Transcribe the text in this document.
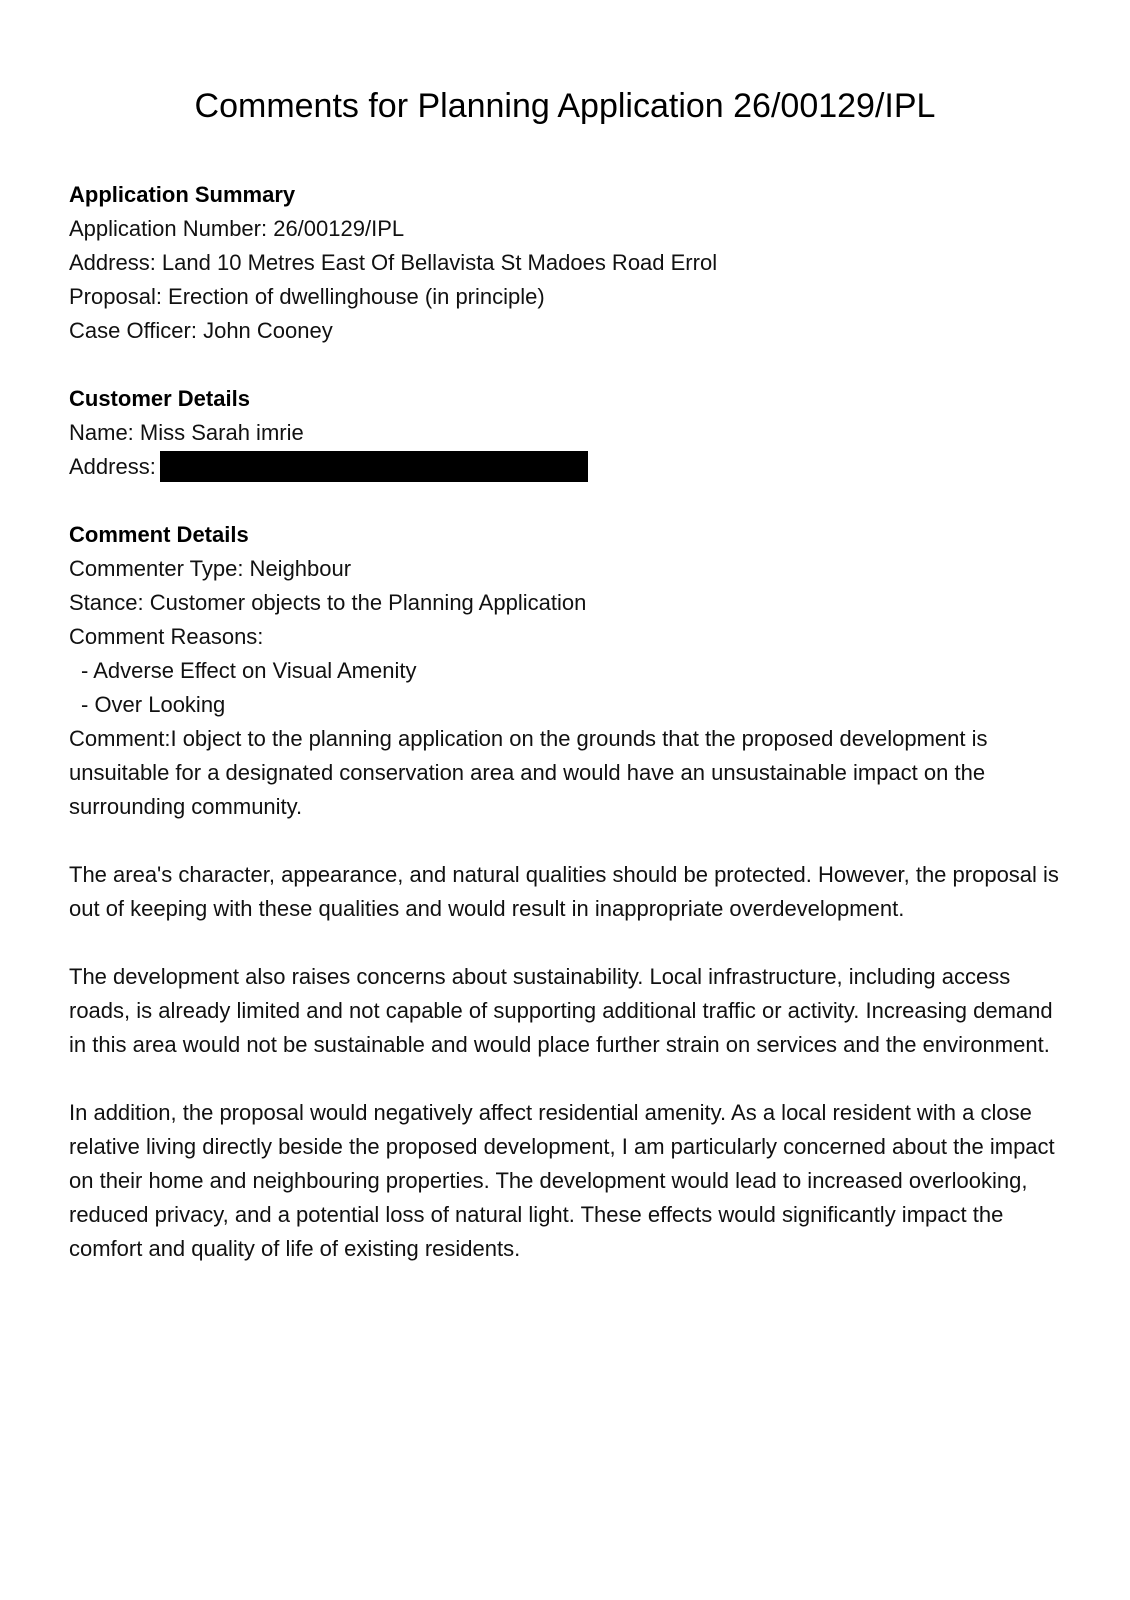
Comments for Planning Application 26/00129/IPL

Application Summary

Application Number: 26/00129/IPL

Address: Land 10 Metres East Of Bellavista St Madoes Road Errol

Proposal: Erection of dwellinghouse (in principle)

Case Officer: John Cooney

Customer Details

Name: Miss Sarah imrie

Address:

Comment Details

Commenter Type: Neighbour

Stance: Customer objects to the Planning Application

Comment Reasons:

- Adverse Effect on Visual Amenity

- Over Looking

Comment:I object to the planning application on the grounds that the proposed development is unsuitable for a designated conservation area and would have an unsustainable impact on the surrounding community.

The area's character, appearance, and natural qualities should be protected. However, the proposal is out of keeping with these qualities and would result in inappropriate overdevelopment.

The development also raises concerns about sustainability. Local infrastructure, including access roads, is already limited and not capable of supporting additional traffic or activity. Increasing demand in this area would not be sustainable and would place further strain on services and the environment.

In addition, the proposal would negatively affect residential amenity. As a local resident with a close relative living directly beside the proposed development, I am particularly concerned about the impact on their home and neighbouring properties. The development would lead to increased overlooking, reduced privacy, and a potential loss of natural light. These effects would significantly impact the comfort and quality of life of existing residents.
